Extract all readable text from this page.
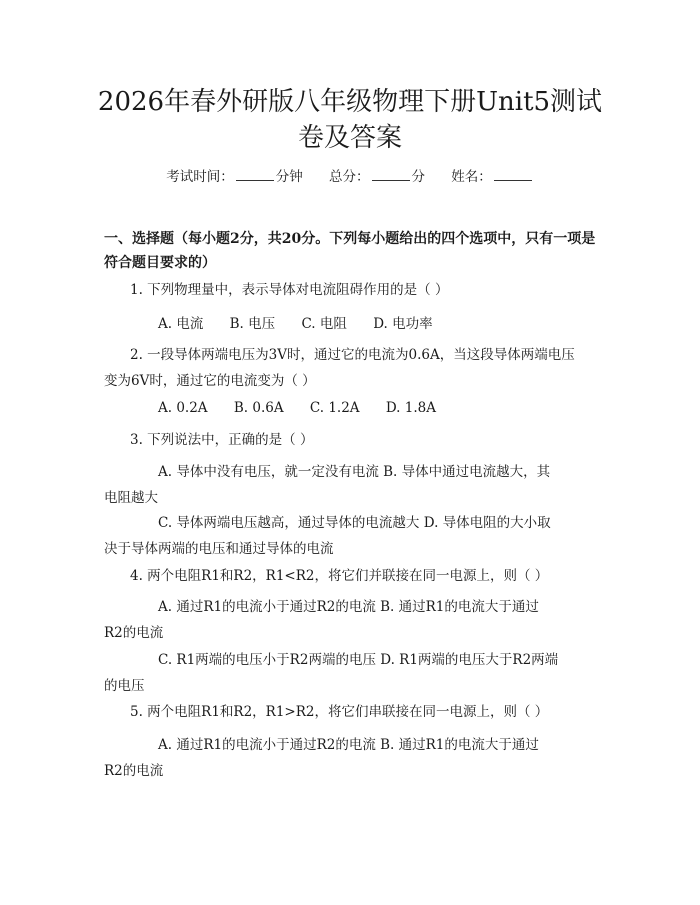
2026年春外研版八年级物理下册Unit5测试
卷及答案
考试时间：	分钟 总分：	分 姓名：
一、选择题（每小题2分，共20分。下列每小题给出的四个选项中，只有一项是
符合题目要求的）
1. 下列物理量中，表示导体对电流阻碍作用的是（ ）
A. 电流 B. 电压 C. 电阻 D. 电功率
2. 一段导体两端电压为3V时，通过它的电流为0.6A，当这段导体两端电压
变为6V时，通过它的电流变为（ ）
A. 0.2A B. 0.6A C. 1.2A D. 1.8A
3. 下列说法中，正确的是（ ）
A. 导体中没有电压，就一定没有电流 B. 导体中通过电流越大，其
电阻越大
C. 导体两端电压越高，通过导体的电流越大 D. 导体电阻的大小取
决于导体两端的电压和通过导体的电流
4. 两个电阻R1和R2，R1<R2，将它们并联接在同一电源上，则（ ）
A. 通过R1的电流小于通过R2的电流 B. 通过R1的电流大于通过
R2的电流
C. R1两端的电压小于R2两端的电压 D. R1两端的电压大于R2两端
的电压
5. 两个电阻R1和R2，R1>R2，将它们串联接在同一电源上，则（ ）
A. 通过R1的电流小于通过R2的电流 B. 通过R1的电流大于通过
R2的电流
